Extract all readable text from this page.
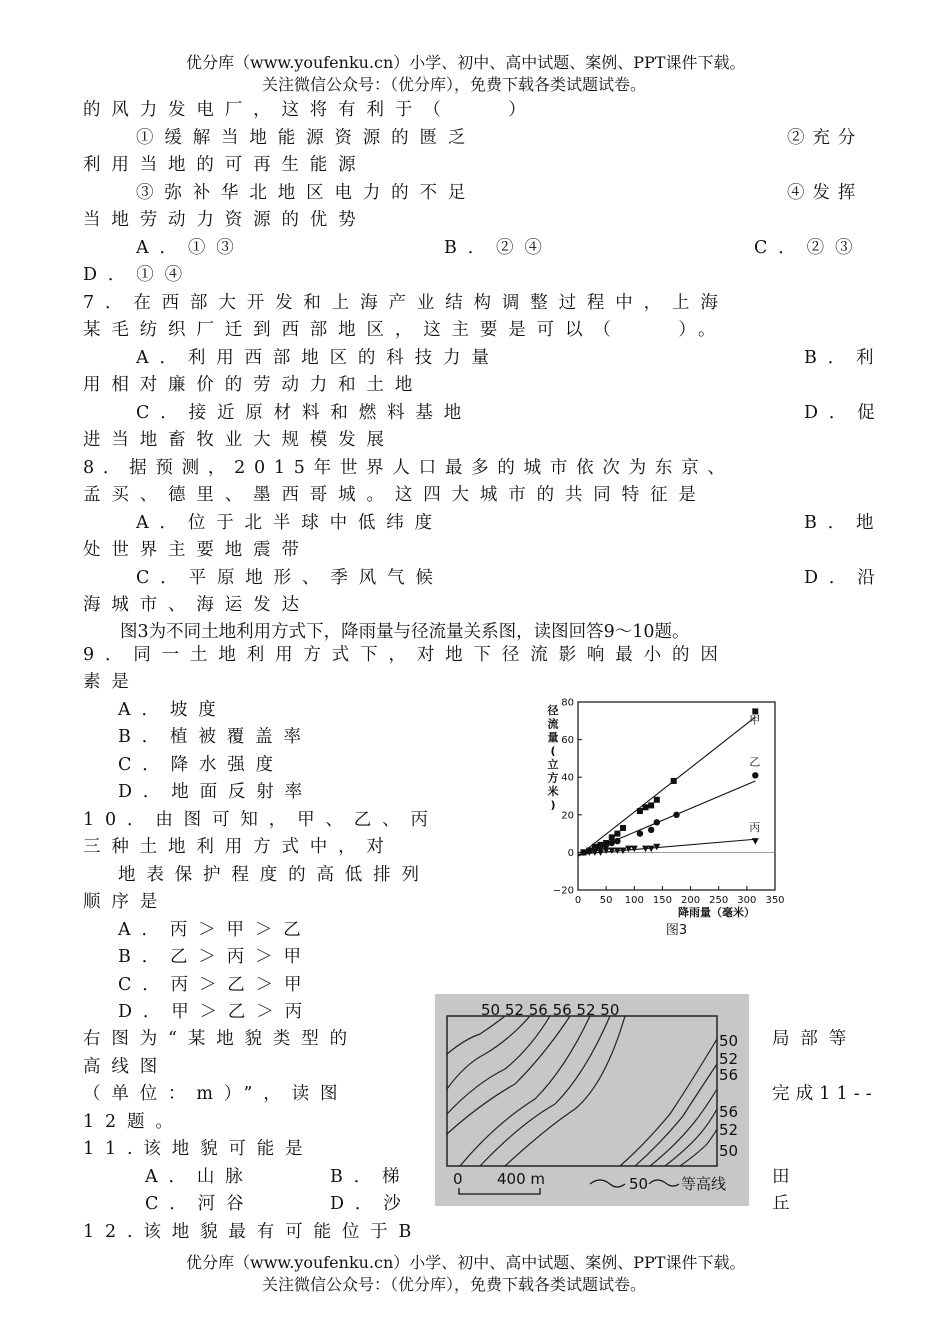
优分库（www.youfenku.cn）小学、初中、高中试题、案例、PPT课件下载。
关注微信公众号：（优分库），免费下载各类试题试卷。
的风力发电厂，这将有利于（　　）
①缓解当地能源资源的匮乏	②充分
利用当地的可再生能源
③弥补华北地区电力的不足	④发挥
当地劳动力资源的优势
A．①③	B．②④	C．②③
D．①④
7．在西部大开发和上海产业结构调整过程中，上海
某毛纺织厂迁到西部地区，这主要是可以（　　）。
A．利用西部地区的科技力量	B．利
用相对廉价的劳动力和土地
C．接近原材料和燃料基地	D．促
进当地畜牧业大规模发展
8．据预测，2015年世界人口最多的城市依次为东京、
孟买、德里、墨西哥城。这四大城市的共同特征是
A．位于北半球中低纬度	B．地
处世界主要地震带
C．平原地形、季风气候	D．沿
海城市、海运发达
图3为不同土地利用方式下，降雨量与径流量关系图，读图回答9～10题。
9．同一土地利用方式下，对地下径流影响最小的因
素是
A．坡度
B．植被覆盖率
C．降水强度
D．地面反射率
10．由图可知，甲、乙、丙
三种土地利用方式中，对
地表保护程度的高低排列
顺序是
A．丙＞甲＞乙
B．乙＞丙＞甲
C．丙＞乙＞甲
D．甲＞乙＞丙
0 50 100 150 200 250 300 350
−20
0
20
40
60
80
径
流
量
(
立
方
米
)
降雨量（毫米）
图3
甲
乙
丙
右图为“某地貌类型的	局部等
高线图
（单位：m）”，读图	完成11--
12题。
11.该地貌可能是
A．山脉	B．梯	田
C．河谷	D．沙	丘
12.该地貌最有可能位于B
50 52 56 56 52 50
50
52
56
56
52
50
0 400 m	50 等高线
优分库（www.youfenku.cn）小学、初中、高中试题、案例、PPT课件下载。
关注微信公众号：（优分库），免费下载各类试题试卷。
